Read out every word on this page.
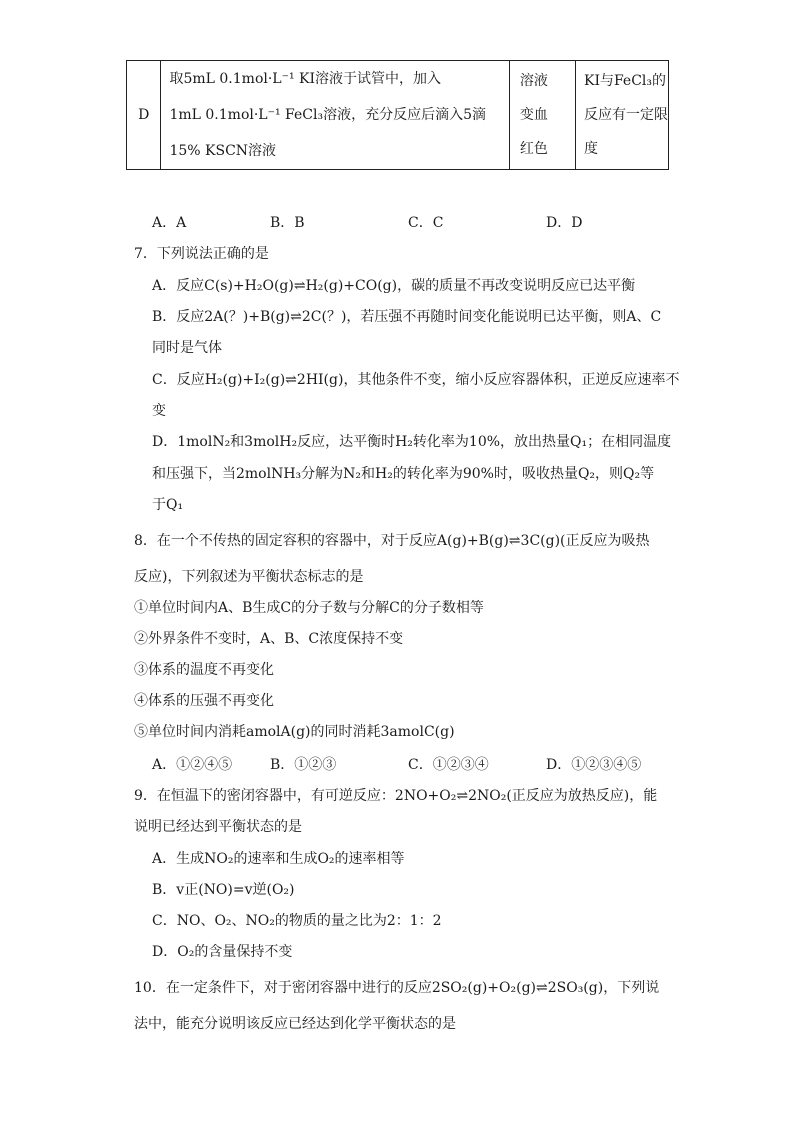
D	
取5mL 0.1mol·L⁻¹ KI溶液于试管中，加入
1mL 0.1mol·L⁻¹ FeCl₃溶液，充分反应后滴入5滴
15% KSCN溶液

溶液
变血
红色

KI与FeCl₃的
反应有一定限
度
A．A	B．B	C．C	D．D
7．下列说法正确的是
A．反应C(s)+H₂O(g)⇌H₂(g)+CO(g)，碳的质量不再改变说明反应已达平衡
B．反应2A(？)+B(g)⇌2C(？)，若压强不再随时间变化能说明已达平衡，则A、C
同时是气体
C．反应H₂(g)+I₂(g)⇌2HI(g)，其他条件不变，缩小反应容器体积，正逆反应速率不
变
D．1molN₂和3molH₂反应，达平衡时H₂转化率为10%，放出热量Q₁；在相同温度
和压强下，当2molNH₃分解为N₂和H₂的转化率为90%时，吸收热量Q₂，则Q₂等
于Q₁
8．在一个不传热的固定容积的容器中，对于反应A(g)+B(g)⇌3C(g)(正反应为吸热
反应)，下列叙述为平衡状态标志的是
①单位时间内A、B生成C的分子数与分解C的分子数相等
②外界条件不变时，A、B、C浓度保持不变
③体系的温度不再变化
④体系的压强不再变化
⑤单位时间内消耗amolA(g)的同时消耗3amolC(g)
A．①②④⑤	B．①②③	C．①②③④	D．①②③④⑤
9．在恒温下的密闭容器中，有可逆反应：2NO+O₂⇌2NO₂(正反应为放热反应)，能
说明已经达到平衡状态的是
A．生成NO₂的速率和生成O₂的速率相等
B．v正(NO)=v逆(O₂)
C．NO、O₂、NO₂的物质的量之比为2：1：2
D．O₂的含量保持不变
10．在一定条件下，对于密闭容器中进行的反应2SO₂(g)+O₂(g)⇌2SO₃(g)，下列说
法中，能充分说明该反应已经达到化学平衡状态的是
